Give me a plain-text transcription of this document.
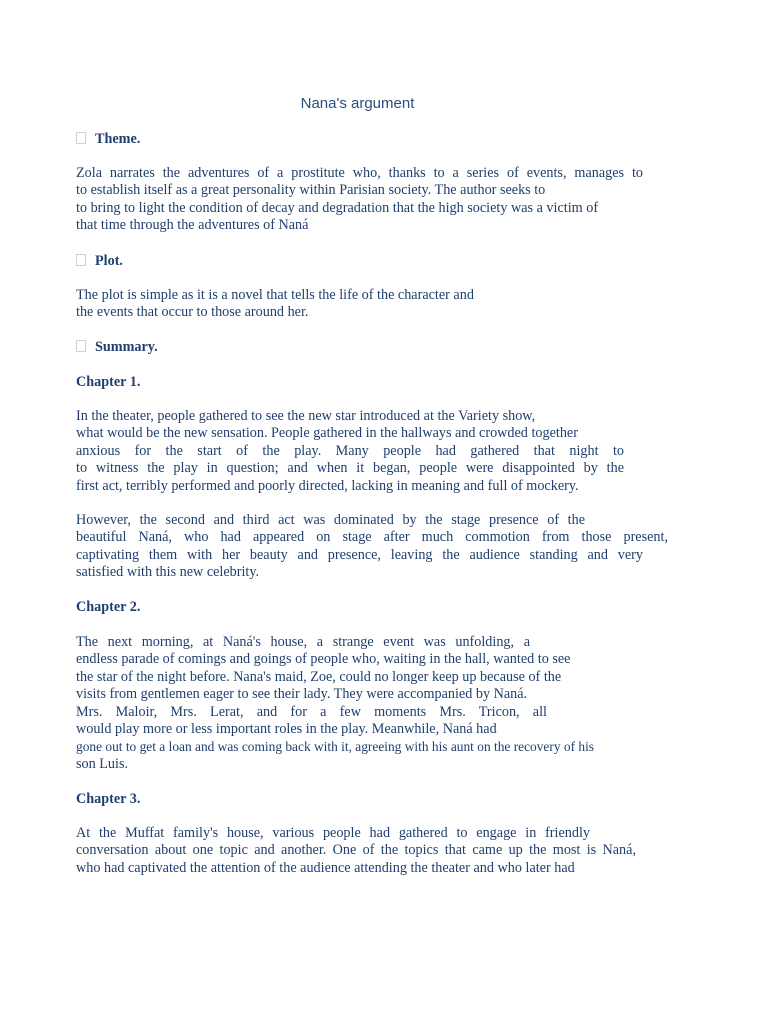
Nana's argument
Theme.
Zola narrates the adventures of a prostitute who, thanks to a series of events, manages to
to establish itself as a great personality within Parisian society. The author seeks to
to bring to light the condition of decay and degradation that the high society was a victim of
that time through the adventures of Naná
Plot.
The plot is simple as it is a novel that tells the life of the character and
the events that occur to those around her.
Summary.
Chapter 1.
In the theater, people gathered to see the new star introduced at the Variety show,
what would be the new sensation. People gathered in the hallways and crowded together
anxious for the start of the play. Many people had gathered that night to
to witness the play in question; and when it began, people were disappointed by the
first act, terribly performed and poorly directed, lacking in meaning and full of mockery.
However, the second and third act was dominated by the stage presence of the
beautiful Naná, who had appeared on stage after much commotion from those present,
captivating them with her beauty and presence, leaving the audience standing and very
satisfied with this new celebrity.
Chapter 2.
The next morning, at Naná's house, a strange event was unfolding, a
endless parade of comings and goings of people who, waiting in the hall, wanted to see
the star of the night before. Nana's maid, Zoe, could no longer keep up because of the
visits from gentlemen eager to see their lady. They were accompanied by Naná.
Mrs. Maloir, Mrs. Lerat, and for a few moments Mrs. Tricon, all
would play more or less important roles in the play. Meanwhile, Naná had
gone out to get a loan and was coming back with it, agreeing with his aunt on the recovery of his
son Luis.
Chapter 3.
At the Muffat family's house, various people had gathered to engage in friendly
conversation about one topic and another. One of the topics that came up the most is Naná,
who had captivated the attention of the audience attending the theater and who later had
